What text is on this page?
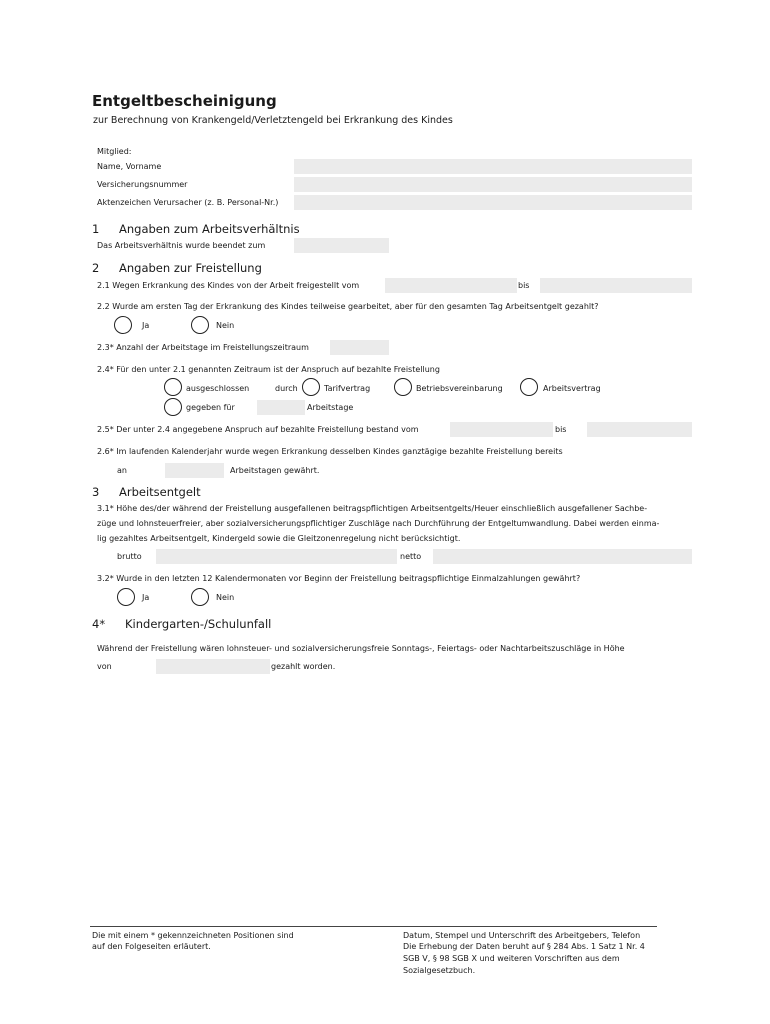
Entgeltbescheinigung
zur Berechnung von Krankengeld/Verletztengeld bei Erkrankung des Kindes
Mitglied:
Name, Vorname
Versicherungsnummer
Aktenzeichen Verursacher (z. B. Personal-Nr.)
1 Angaben zum Arbeitsverhältnis
Das Arbeitsverhältnis wurde beendet zum
2 Angaben zur Freistellung
2.1 Wegen Erkrankung des Kindes von der Arbeit freigestellt vom	bis
2.2 Wurde am ersten Tag der Erkrankung des Kindes teilweise gearbeitet, aber für den gesamten Tag Arbeitsentgelt gezahlt?
Ja	Nein
2.3* Anzahl der Arbeitstage im Freistellungszeitraum
2.4* Für den unter 2.1 genannten Zeitraum ist der Anspruch auf bezahlte Freistellung
ausgeschlossen	durch	Tarifvertrag	Betriebsvereinbarung	Arbeitsvertrag
gegeben für	Arbeitstage
2.5* Der unter 2.4 angegebene Anspruch auf bezahlte Freistellung bestand vom	bis
2.6* Im laufenden Kalenderjahr wurde wegen Erkrankung desselben Kindes ganztägige bezahlte Freistellung bereits
an	Arbeitstagen gewährt.
3 Arbeitsentgelt
3.1* Höhe des/der während der Freistellung ausgefallenen beitragspflichtigen Arbeitsentgelts/Heuer einschließlich ausgefallener Sachbe-
züge und lohnsteuerfreier, aber sozialversicherungspflichtiger Zuschläge nach Durchführung der Entgeltumwandlung. Dabei werden einma-
lig gezahltes Arbeitsentgelt, Kindergeld sowie die Gleitzonenregelung nicht berücksichtigt.
brutto	netto
3.2* Wurde in den letzten 12 Kalendermonaten vor Beginn der Freistellung beitragspflichtige Einmalzahlungen gewährt?
Ja	Nein
4* Kindergarten-/Schulunfall
Während der Freistellung wären lohnsteuer- und sozialversicherungsfreie Sonntags-, Feiertags- oder Nachtarbeitszuschläge in Höhe
von	gezahlt worden.
Die mit einem * gekennzeichneten Positionen sind
auf den Folgeseiten erläutert.
Datum, Stempel und Unterschrift des Arbeitgebers, Telefon
Die Erhebung der Daten beruht auf § 284 Abs. 1 Satz 1 Nr. 4
SGB V, § 98 SGB X und weiteren Vorschriften aus dem
Sozialgesetzbuch.
